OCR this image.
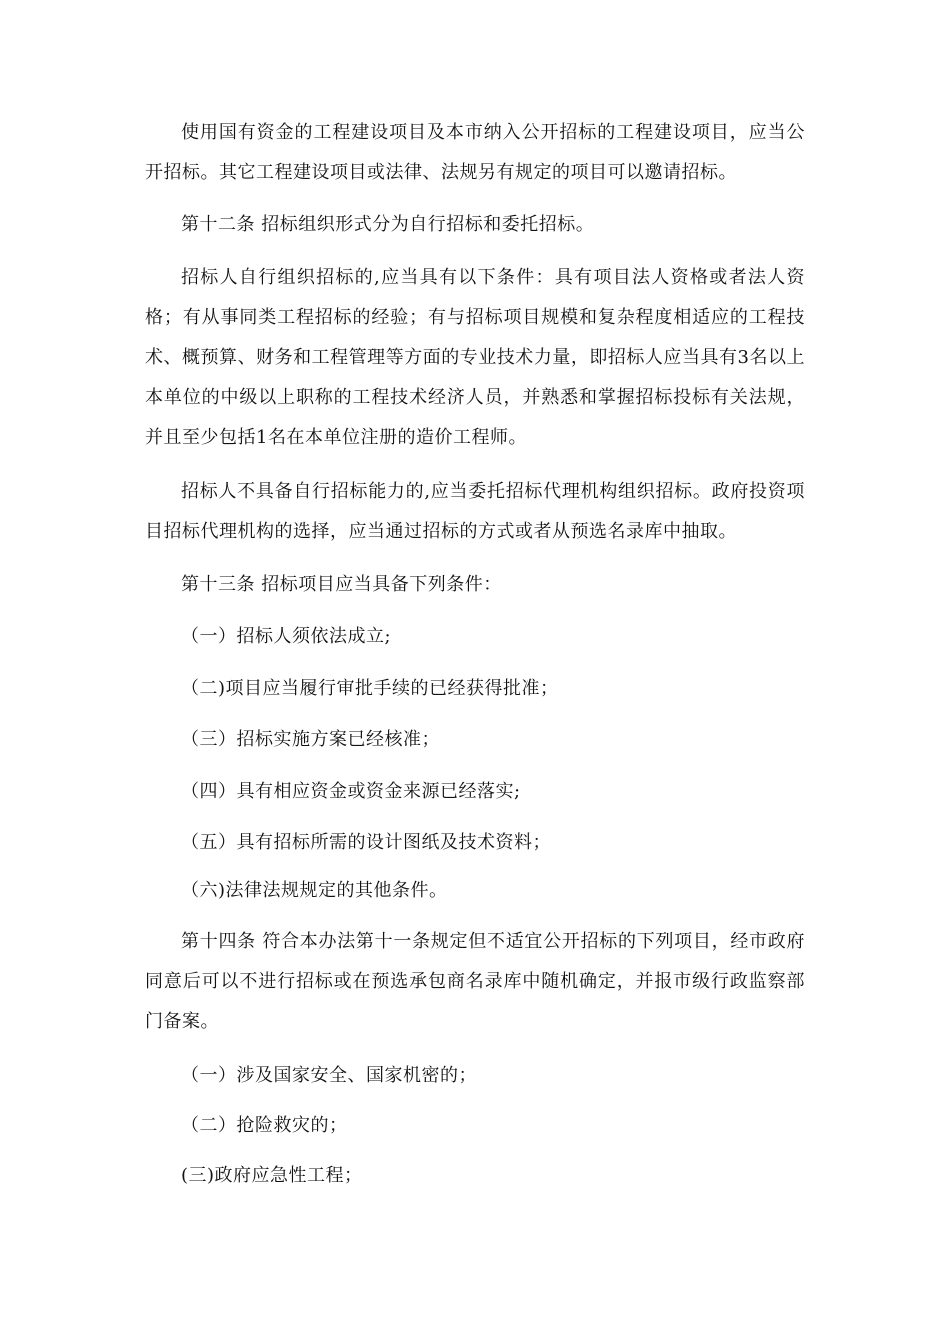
使用国有资金的工程建设项目及本市纳入公开招标的工程建设项目，应当公开招标。其它工程建设项目或法律、法规另有规定的项目可以邀请招标。

第十二条 招标组织形式分为自行招标和委托招标。

招标人自行组织招标的,应当具有以下条件：具有项目法人资格或者法人资格；有从事同类工程招标的经验；有与招标项目规模和复杂程度相适应的工程技术、概预算、财务和工程管理等方面的专业技术力量，即招标人应当具有3名以上本单位的中级以上职称的工程技术经济人员，并熟悉和掌握招标投标有关法规，并且至少包括1名在本单位注册的造价工程师。

招标人不具备自行招标能力的,应当委托招标代理机构组织招标。政府投资项目招标代理机构的选择，应当通过招标的方式或者从预选名录库中抽取。

第十三条 招标项目应当具备下列条件：

（一）招标人须依法成立;

（二)项目应当履行审批手续的已经获得批准；

（三）招标实施方案已经核准；

（四）具有相应资金或资金来源已经落实;

（五）具有招标所需的设计图纸及技术资料；

（六)法律法规规定的其他条件。

第十四条 符合本办法第十一条规定但不适宜公开招标的下列项目，经市政府同意后可以不进行招标或在预选承包商名录库中随机确定，并报市级行政监察部门备案。

（一）涉及国家安全、国家机密的；

（二）抢险救灾的；

(三)政府应急性工程；
